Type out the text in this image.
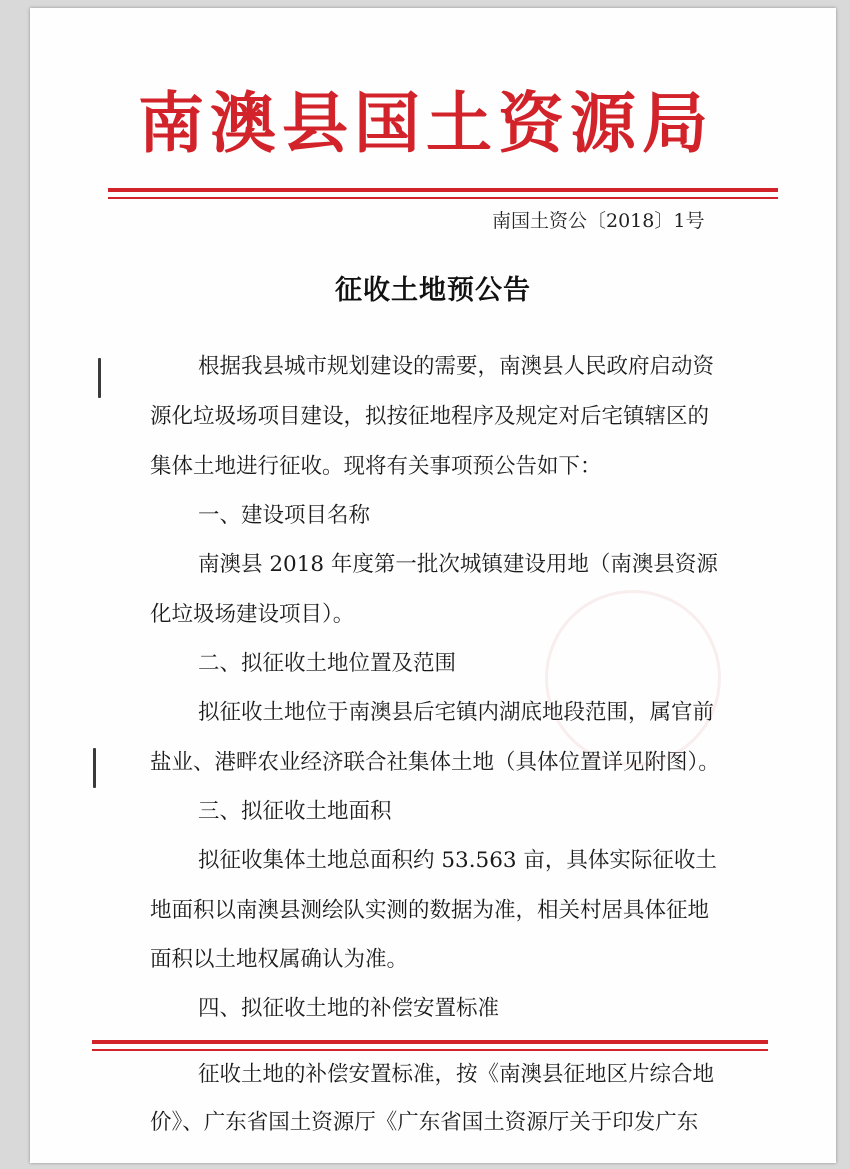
南澳县国土资源局
南国土资公〔2018〕1号
征收土地预公告
根据我县城市规划建设的需要，南澳县人民政府启动资
源化垃圾场项目建设，拟按征地程序及规定对后宅镇辖区的
集体土地进行征收。现将有关事项预公告如下：
一、建设项目名称
南澳县 2018 年度第一批次城镇建设用地（南澳县资源
化垃圾场建设项目）。
二、拟征收土地位置及范围
拟征收土地位于南澳县后宅镇内湖底地段范围，属官前
盐业、港畔农业经济联合社集体土地（具体位置详见附图）。
三、拟征收土地面积
拟征收集体土地总面积约 53.563 亩，具体实际征收土
地面积以南澳县测绘队实测的数据为准，相关村居具体征地
面积以土地权属确认为准。
四、拟征收土地的补偿安置标准
征收土地的补偿安置标准，按《南澳县征地区片综合地
价》、广东省国土资源厅《广东省国土资源厅关于印发广东
